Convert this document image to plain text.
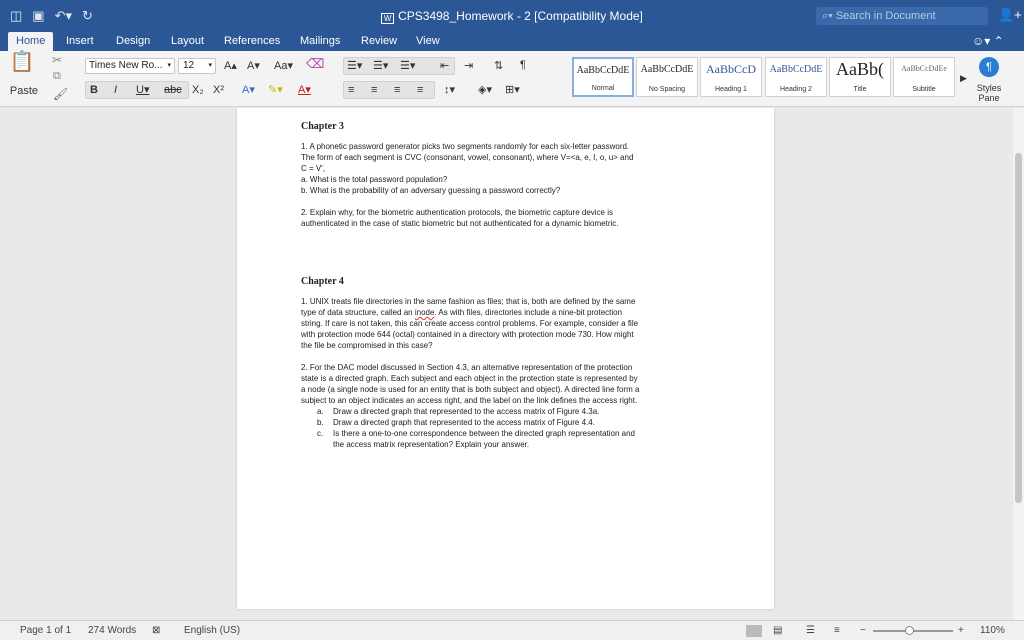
◫ ▣ ↶▾ ↻	W CPS3498_Homework - 2 [Compatibility Mode]	⌕▾ Search in Document	👤+
Home	Insert	Design	Layout	References	Mailings	Review	View	☺▾ ⌃
📋
Paste
✂
⧉
🖌
Times New Ro... ▾	12 ▾ A▴ A▾ Aa▾ ⌫
B I U▾ abc X₂ X² A▾ ✎▾ A▾
☰▾ ☰▾ ☰▾ ⇤ ⇥ ⇅ ¶
≡ ≡ ≡ ≡ ↕▾ ◈▾ ⊞▾
AaBbCcDdE
Normal
AaBbCcDdE
No Spacing
AaBbCcD
Heading 1
AaBbCcDdE
Heading 2
AaBb(
Title
AaBbCcDdEe
Subtitle
▶
¶
Styles Pane
Chapter 3

1. A phonetic password generator picks two segments randomly for each six-letter password.

The form of each segment is CVC (consonant, vowel, consonant), where V=<a, e, I, o, u> and

C = V',

a. What is the total password population?

b. What is the probability of an adversary guessing a password correctly?

2. Explain why, for the biometric authentication protocols, the biometric capture device is

authenticated in the case of static biometric but not authenticated for a dynamic biometric.

Chapter 4

1. UNIX treats file directories in the same fashion as files; that is, both are defined by the same

type of data structure, called an inode. As with files, directories include a nine-bit protection

string. If care is not taken, this can create access control problems. For example, consider a file

with protection mode 644 (octal) contained in a directory with protection mode 730. How might

the file be compromised in this case?

2. For the DAC model discussed in Section 4.3, an alternative representation of the protection

state is a directed graph. Each subject and each object in the protection state is represented by

a node (a single node is used for an entity that is both subject and object). A directed line form a

subject to an object indicates an access right, and the label on the link defines the access right.

a.	Draw a directed graph that represented to the access matrix of Figure 4.3a.
b.	Draw a directed graph that represented to the access matrix of Figure 4.4.
c.	Is there a one-to-one correspondence between the directed graph representation and
the access matrix representation? Explain your answer.
Page 1 of 1 274 Words ⊠ English (US)	▤ ☰ ≡ −	+ 110%
